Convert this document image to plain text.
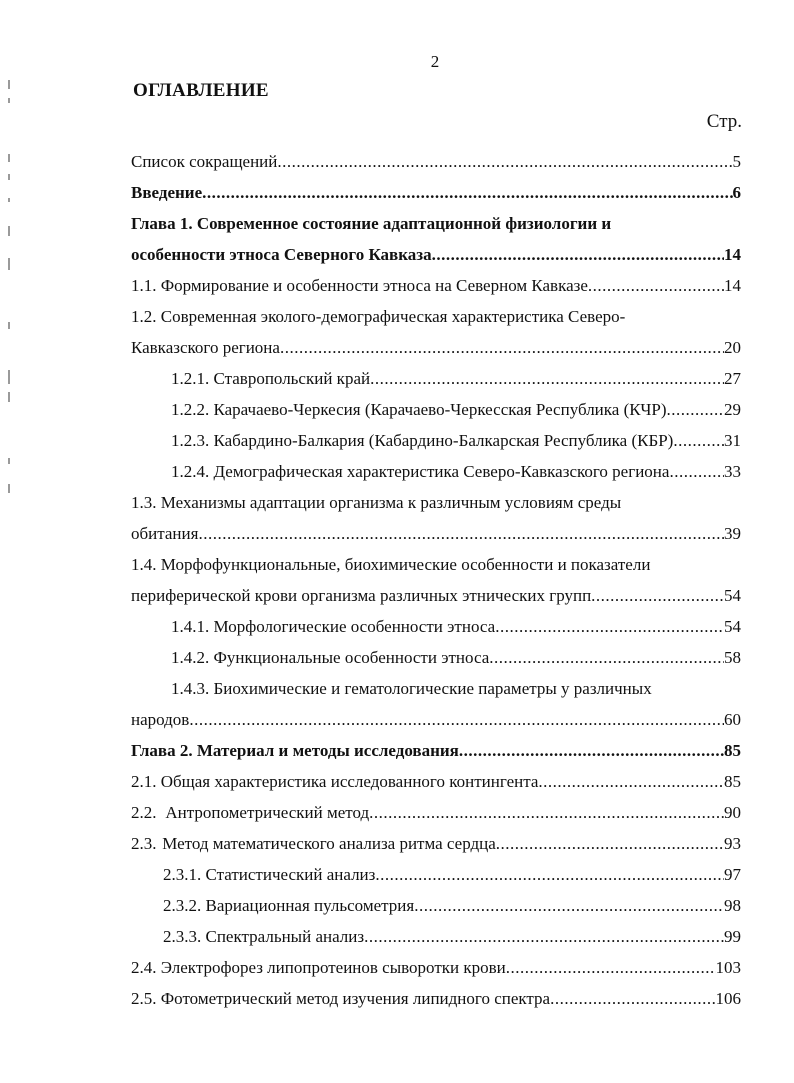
2
ОГЛАВЛЕНИЕ
Стр.
Список сокращений .....	5
Введение .....	6
Глава 1. Современное состояние адаптационной физиологии и
особенности этноса Северного Кавказа .....	14
1.1. Формирование и особенности этноса на Северном Кавказе .....	14
1.2. Современная эколого-демографическая характеристика Северо-
Кавказского региона .....	20
1.2.1. Ставропольский край .....	27
1.2.2. Карачаево-Черкесия (Карачаево-Черкесская Республика (КЧР) .....	29
1.2.3. Кабардино-Балкария (Кабардино-Балкарская Республика (КБР) .....	31
1.2.4. Демографическая характеристика Северо-Кавказского региона .....	33
1.3. Механизмы адаптации организма к различным условиям среды
обитания .....	39
1.4. Морфофункциональные, биохимические особенности и показатели
периферической крови организма различных этнических групп .....	54
1.4.1. Морфологические особенности этноса .....	54
1.4.2. Функциональные особенности этноса .....	58
1.4.3. Биохимические и гематологические параметры у различных
народов .....	60
Глава 2. Материал и методы исследования .....	85
2.1. Общая характеристика исследованного контингента .....	85
2.2. Антропометрический метод .....	90
2.3. Метод математического анализа ритма сердца .....	93
2.3.1. Статистический анализ .....	97
2.3.2. Вариационная пульсометрия .....	98
2.3.3. Спектральный анализ .....	99
2.4. Электрофорез липопротеинов сыворотки крови .....	103
2.5. Фотометрический метод изучения липидного спектра .....	106
